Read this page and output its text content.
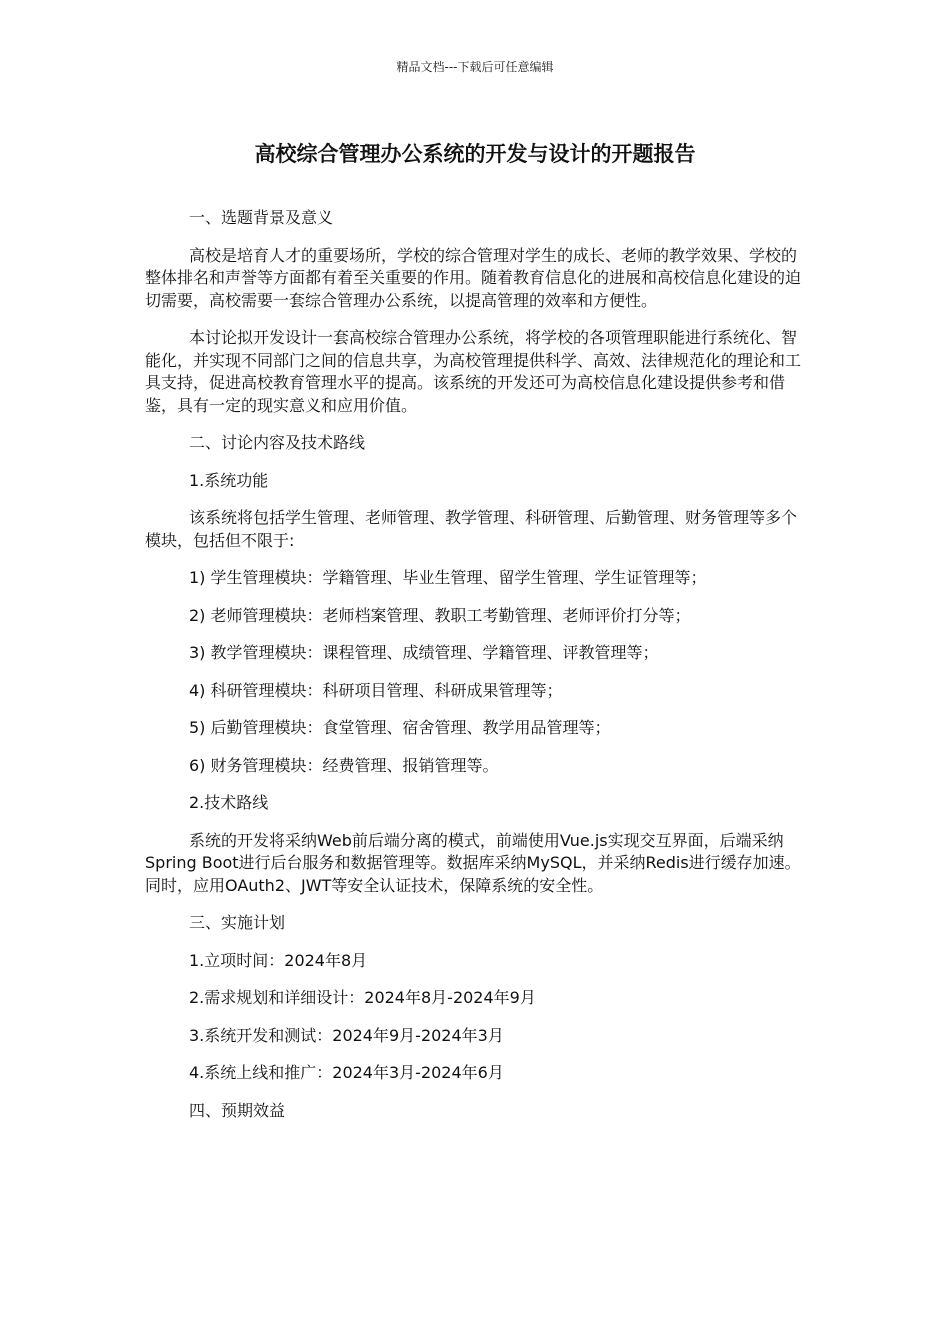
精品文档---下载后可任意编辑
高校综合管理办公系统的开发与设计的开题报告

一、选题背景及意义

高校是培育人才的重要场所，学校的综合管理对学生的成长、老师的教学效果、学校的整体排名和声誉等方面都有着至关重要的作用。随着教育信息化的进展和高校信息化建设的迫切需要，高校需要一套综合管理办公系统，以提高管理的效率和方便性。

本讨论拟开发设计一套高校综合管理办公系统，将学校的各项管理职能进行系统化、智能化，并实现不同部门之间的信息共享，为高校管理提供科学、高效、法律规范化的理论和工具支持，促进高校教育管理水平的提高。该系统的开发还可为高校信息化建设提供参考和借鉴，具有一定的现实意义和应用价值。

二、讨论内容及技术路线

1.系统功能

该系统将包括学生管理、老师管理、教学管理、科研管理、后勤管理、财务管理等多个模块，包括但不限于:

1) 学生管理模块：学籍管理、毕业生管理、留学生管理、学生证管理等；

2) 老师管理模块：老师档案管理、教职工考勤管理、老师评价打分等；

3) 教学管理模块：课程管理、成绩管理、学籍管理、评教管理等；

4) 科研管理模块：科研项目管理、科研成果管理等；

5) 后勤管理模块：食堂管理、宿舍管理、教学用品管理等；

6) 财务管理模块：经费管理、报销管理等。

2.技术路线

系统的开发将采纳Web前后端分离的模式，前端使用Vue.js实现交互界面，后端采纳Spring Boot进行后台服务和数据管理等。数据库采纳MySQL，并采纳Redis进行缓存加速。同时，应用OAuth2、JWT等安全认证技术，保障系统的安全性。

三、实施计划

1.立项时间：2024年8月

2.需求规划和详细设计：2024年8月-2024年9月

3.系统开发和测试：2024年9月-2024年3月

4.系统上线和推广：2024年3月-2024年6月

四、预期效益
